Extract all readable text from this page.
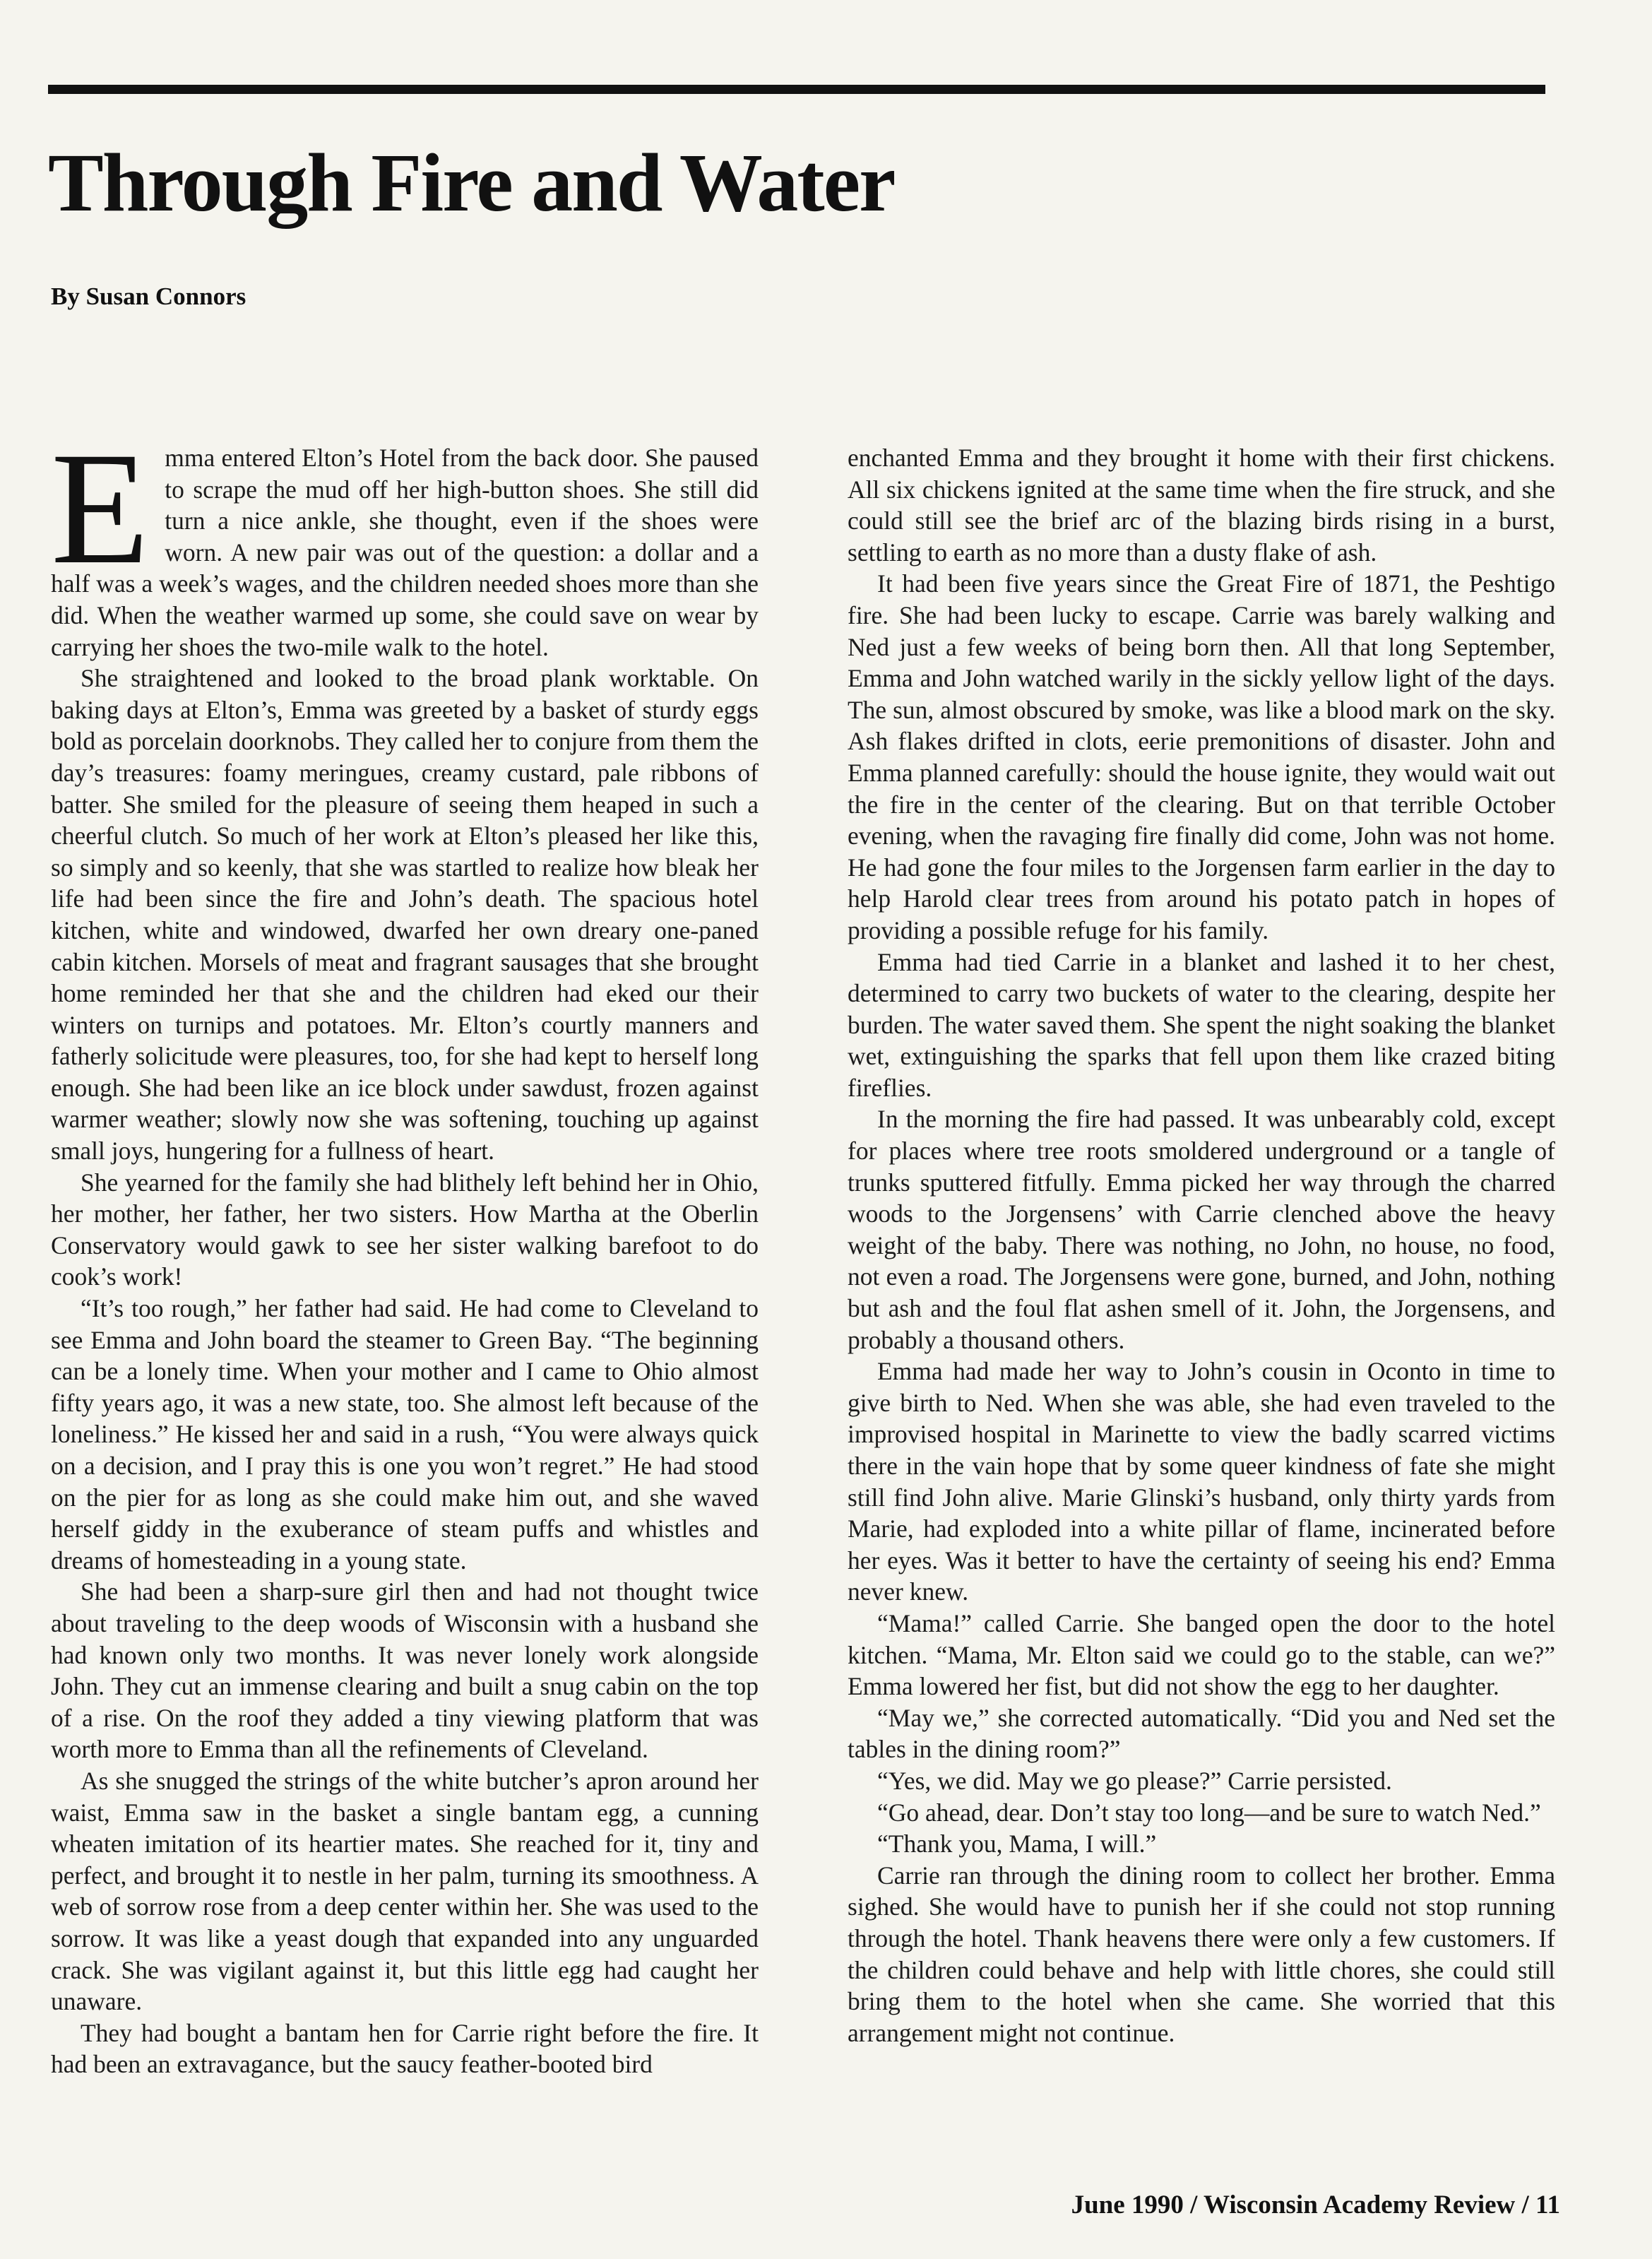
Through Fire and Water

By Susan Connors

Emma entered Elton’s Hotel from the back door. She paused to scrape the mud off her high-button shoes. She still did turn a nice ankle, she thought, even if the shoes were worn. A new pair was out of the question: a dollar and a half was a week’s wages, and the children needed shoes more than she did. When the weather warmed up some, she could save on wear by carrying her shoes the two-mile walk to the hotel.

She straightened and looked to the broad plank worktable. On baking days at Elton’s, Emma was greeted by a basket of sturdy eggs bold as porcelain doorknobs. They called her to conjure from them the day’s treasures: foamy meringues, creamy custard, pale ribbons of batter. She smiled for the pleasure of seeing them heaped in such a cheerful clutch. So much of her work at Elton’s pleased her like this, so simply and so keenly, that she was startled to realize how bleak her life had been since the fire and John’s death. The spacious hotel kitchen, white and windowed, dwarfed her own dreary one-paned cabin kitchen. Morsels of meat and fragrant sausages that she brought home reminded her that she and the children had eked our their winters on turnips and potatoes. Mr. Elton’s courtly manners and fatherly solicitude were pleasures, too, for she had kept to herself long enough. She had been like an ice block under sawdust, frozen against warmer weather; slowly now she was softening, touching up against small joys, hungering for a fullness of heart.

She yearned for the family she had blithely left behind her in Ohio, her mother, her father, her two sisters. How Martha at the Oberlin Conservatory would gawk to see her sister walking barefoot to do cook’s work!

“It’s too rough,” her father had said. He had come to Cleveland to see Emma and John board the steamer to Green Bay. “The beginning can be a lonely time. When your mother and I came to Ohio almost fifty years ago, it was a new state, too. She almost left because of the loneliness.” He kissed her and said in a rush, “You were always quick on a decision, and I pray this is one you won’t regret.” He had stood on the pier for as long as she could make him out, and she waved herself giddy in the exuberance of steam puffs and whistles and dreams of homesteading in a young state.

She had been a sharp-sure girl then and had not thought twice about traveling to the deep woods of Wisconsin with a husband she had known only two months. It was never lonely work alongside John. They cut an immense clearing and built a snug cabin on the top of a rise. On the roof they added a tiny viewing platform that was worth more to Emma than all the refinements of Cleveland.

As she snugged the strings of the white butcher’s apron around her waist, Emma saw in the basket a single bantam egg, a cunning wheaten imitation of its heartier mates. She reached for it, tiny and perfect, and brought it to nestle in her palm, turning its smoothness. A web of sorrow rose from a deep center within her. She was used to the sorrow. It was like a yeast dough that expanded into any unguarded crack. She was vigilant against it, but this little egg had caught her unaware.

They had bought a bantam hen for Carrie right before the fire. It had been an extravagance, but the saucy feather-booted bird

enchanted Emma and they brought it home with their first chickens. All six chickens ignited at the same time when the fire struck, and she could still see the brief arc of the blazing birds rising in a burst, settling to earth as no more than a dusty flake of ash.

It had been five years since the Great Fire of 1871, the Peshtigo fire. She had been lucky to escape. Carrie was barely walking and Ned just a few weeks of being born then. All that long September, Emma and John watched warily in the sickly yellow light of the days. The sun, almost obscured by smoke, was like a blood mark on the sky. Ash flakes drifted in clots, eerie premonitions of disaster. John and Emma planned carefully: should the house ignite, they would wait out the fire in the center of the clearing. But on that terrible October evening, when the ravaging fire finally did come, John was not home. He had gone the four miles to the Jorgensen farm earlier in the day to help Harold clear trees from around his potato patch in hopes of providing a possible refuge for his family.

Emma had tied Carrie in a blanket and lashed it to her chest, determined to carry two buckets of water to the clearing, despite her burden. The water saved them. She spent the night soaking the blanket wet, extinguishing the sparks that fell upon them like crazed biting fireflies.

In the morning the fire had passed. It was unbearably cold, except for places where tree roots smoldered underground or a tangle of trunks sputtered fitfully. Emma picked her way through the charred woods to the Jorgensens’ with Carrie clenched above the heavy weight of the baby. There was nothing, no John, no house, no food, not even a road. The Jorgensens were gone, burned, and John, nothing but ash and the foul flat ashen smell of it. John, the Jorgensens, and probably a thousand others.

Emma had made her way to John’s cousin in Oconto in time to give birth to Ned. When she was able, she had even traveled to the improvised hospital in Marinette to view the badly scarred victims there in the vain hope that by some queer kindness of fate she might still find John alive. Marie Glinski’s husband, only thirty yards from Marie, had exploded into a white pillar of flame, incinerated before her eyes. Was it better to have the certainty of seeing his end? Emma never knew.

“Mama!” called Carrie. She banged open the door to the hotel kitchen. “Mama, Mr. Elton said we could go to the stable, can we?” Emma lowered her fist, but did not show the egg to her daughter.

“May we,” she corrected automatically. “Did you and Ned set the tables in the dining room?”

“Yes, we did. May we go please?” Carrie persisted.

“Go ahead, dear. Don’t stay too long—and be sure to watch Ned.”

“Thank you, Mama, I will.”

Carrie ran through the dining room to collect her brother. Emma sighed. She would have to punish her if she could not stop running through the hotel. Thank heavens there were only a few customers. If the children could behave and help with little chores, she could still bring them to the hotel when she came. She worried that this arrangement might not continue.

June 1990 / Wisconsin Academy Review / 11
